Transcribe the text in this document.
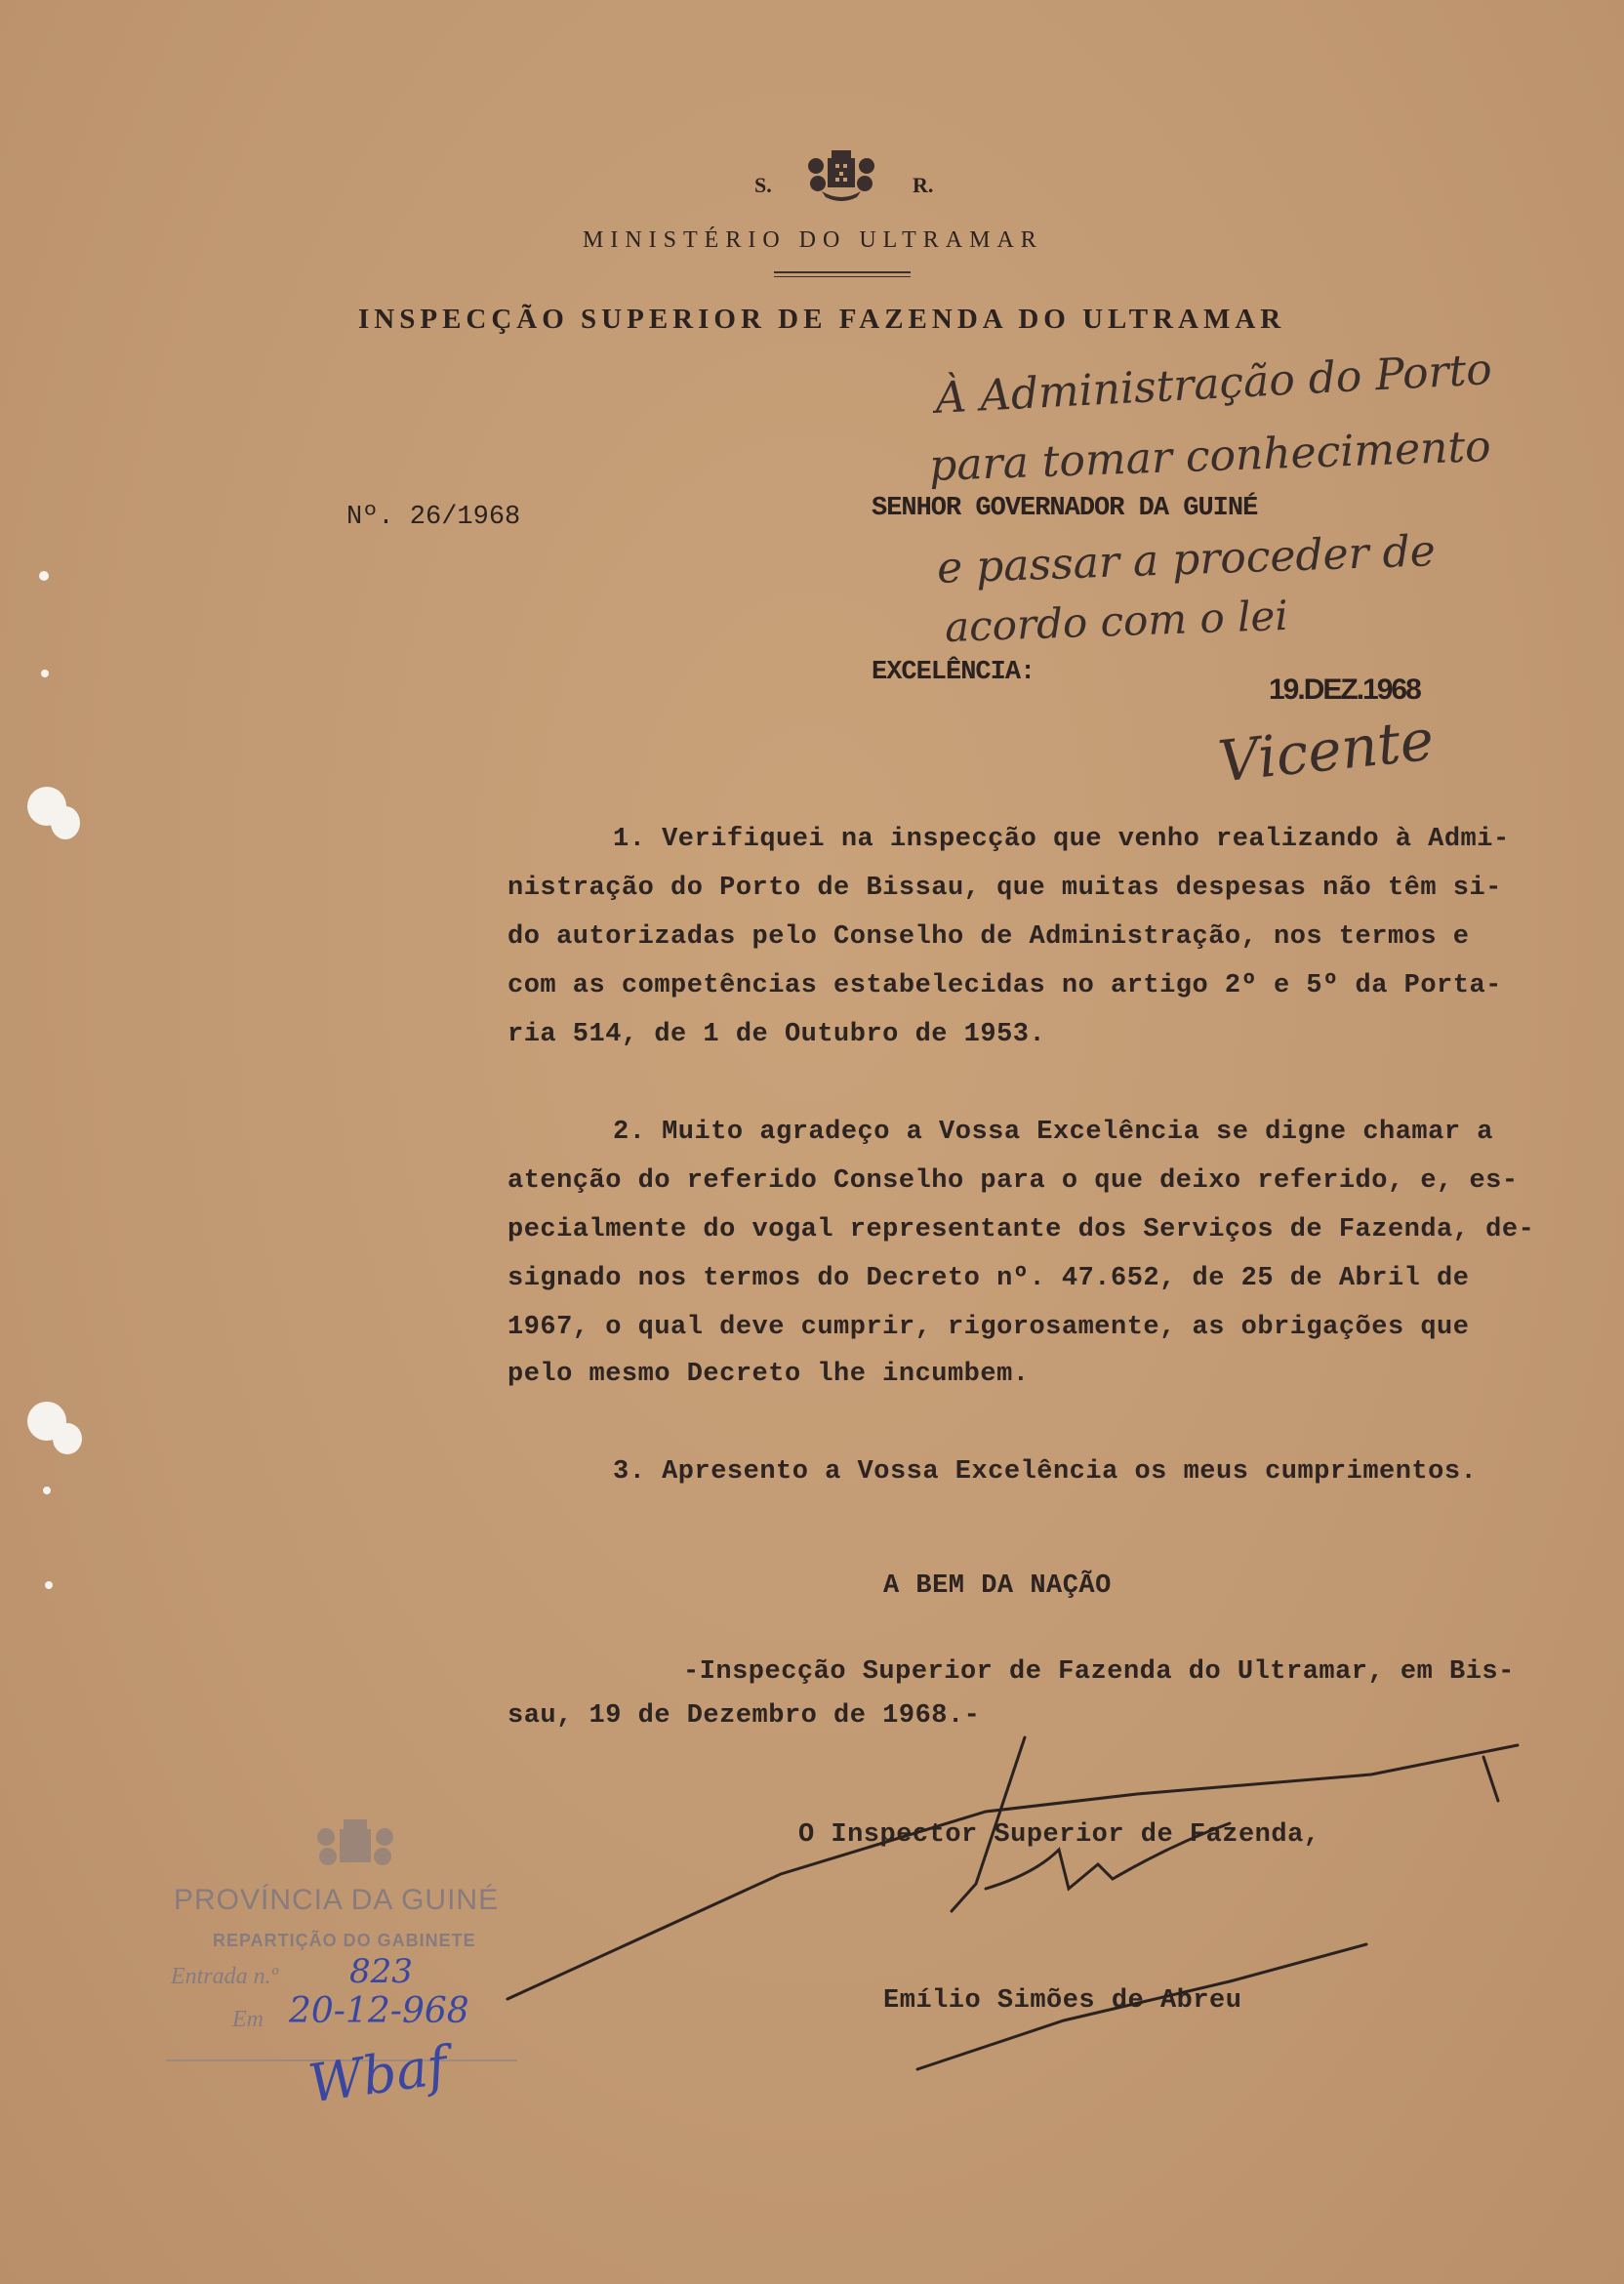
S.	R.
MINISTÉRIO DO ULTRAMAR
INSPECÇÃO SUPERIOR DE FAZENDA DO ULTRAMAR
À Administração do Porto
para tomar conhecimento
e passar a proceder de
acordo com o lei
19.DEZ.1968
Vicente
Nº. 26/1968	SENHOR GOVERNADOR DA GUINÉ
EXCELÊNCIA:
1. Verifiquei na inspecção que venho realizando à Admi-
nistração do Porto de Bissau, que muitas despesas não têm si-
do autorizadas pelo Conselho de Administração, nos termos e
com as competências estabelecidas no artigo 2º e 5º da Porta-
ria 514, de 1 de Outubro de 1953.
2. Muito agradeço a Vossa Excelência se digne chamar a
atenção do referido Conselho para o que deixo referido, e, es-
pecialmente do vogal representante dos Serviços de Fazenda, de-
signado nos termos do Decreto nº. 47.652, de 25 de Abril de
1967, o qual deve cumprir, rigorosamente, as obrigações que
pelo mesmo Decreto lhe incumbem.
3. Apresento a Vossa Excelência os meus cumprimentos.
A BEM DA NAÇÃO
-Inspecção Superior de Fazenda do Ultramar, em Bis-
sau, 19 de Dezembro de 1968.-
O Inspector Superior de Fazenda,
Emílio Simões de Abreu
PROVÍNCIA DA GUINÉ
REPARTIÇÃO DO GABINETE
Entrada n.º 823
Em 20-12-968
Wbaf
